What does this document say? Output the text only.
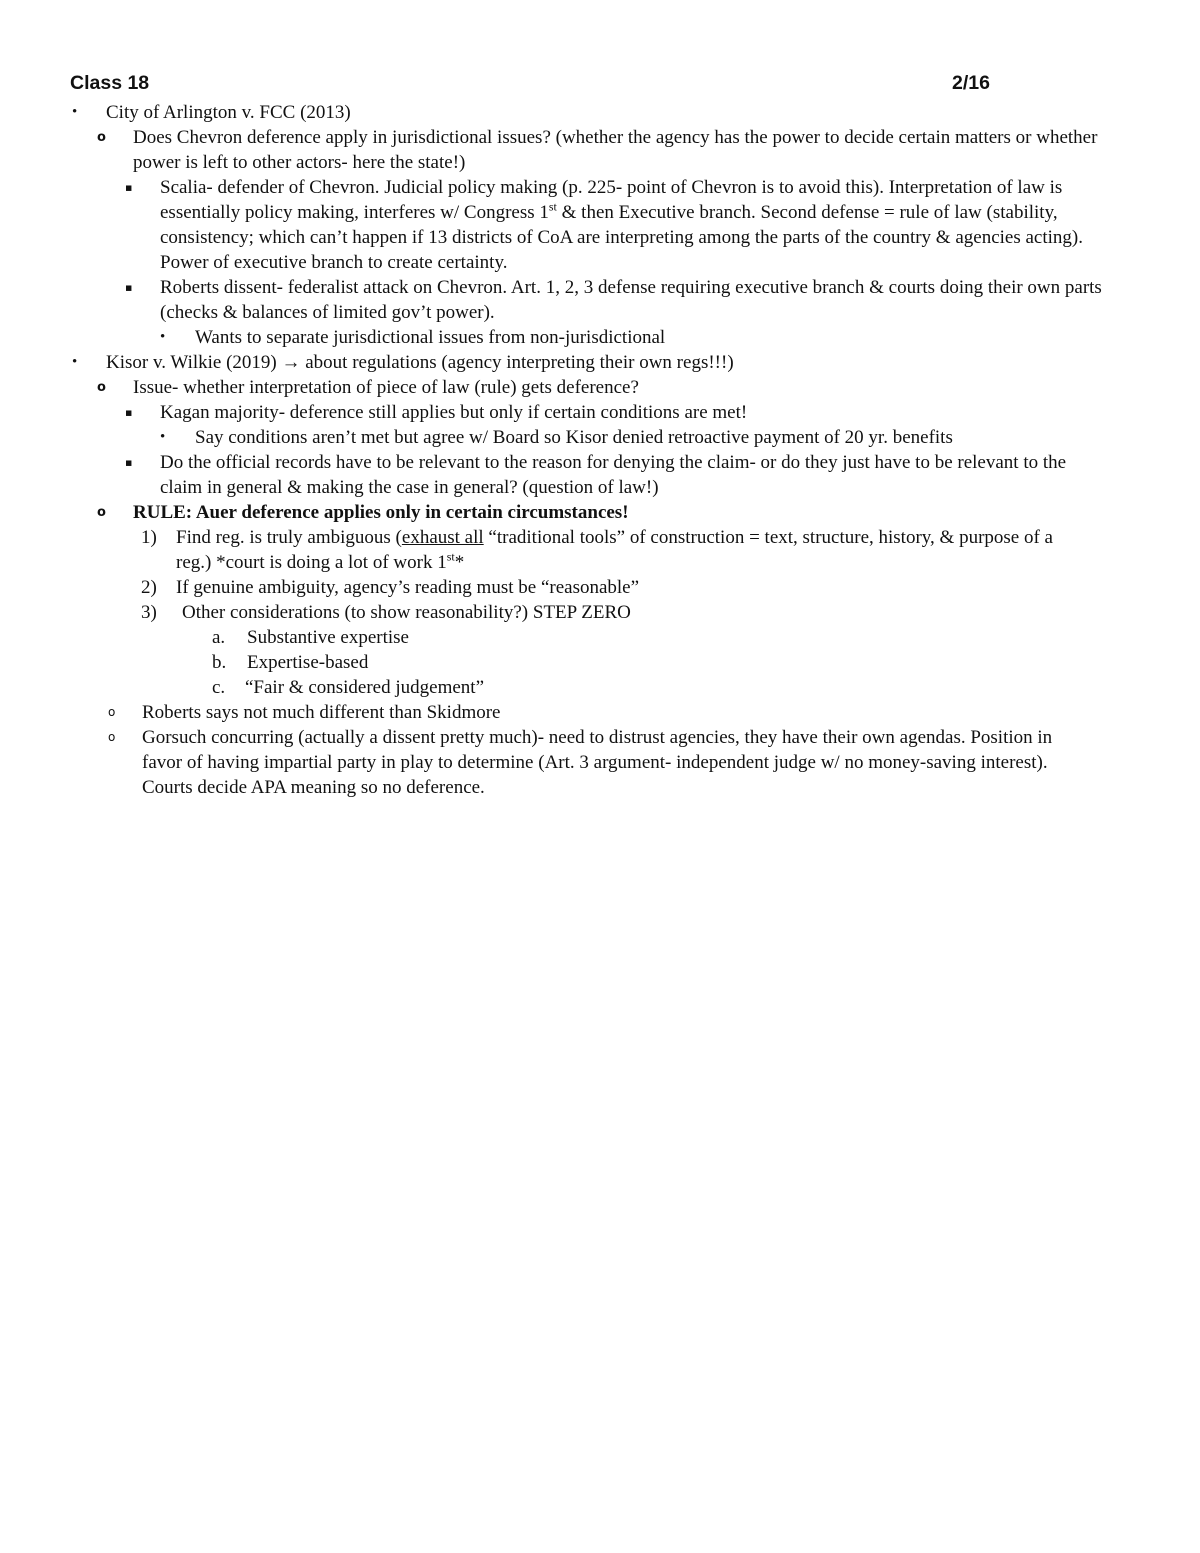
Class 18	2/16
• City of Arlington v. FCC (2013)
o Does Chevron deference apply in jurisdictional issues? (whether the agency has the power to decide certain matters or whether power is left to other actors- here the state!)
▪ Scalia- defender of Chevron. Judicial policy making (p. 225- point of Chevron is to avoid this). Interpretation of law is essentially policy making, interferes w/ Congress 1st & then Executive branch. Second defense = rule of law (stability, consistency; which can’t happen if 13 districts of CoA are interpreting among the parts of the country & agencies acting). Power of executive branch to create certainty.
▪ Roberts dissent- federalist attack on Chevron. Art. 1, 2, 3 defense requiring executive branch & courts doing their own parts (checks & balances of limited gov’t power).
• Wants to separate jurisdictional issues from non-jurisdictional
• Kisor v. Wilkie (2019) → about regulations (agency interpreting their own regs!!!)
o Issue- whether interpretation of piece of law (rule) gets deference?
▪ Kagan majority- deference still applies but only if certain conditions are met!
• Say conditions aren’t met but agree w/ Board so Kisor denied retroactive payment of 20 yr. benefits
▪ Do the official records have to be relevant to the reason for denying the claim- or do they just have to be relevant to the claim in general & making the case in general? (question of law!)
o RULE: Auer deference applies only in certain circumstances!
1) Find reg. is truly ambiguous (exhaust all “traditional tools” of construction = text, structure, history, & purpose of a reg.) *court is doing a lot of work 1st*
2) If genuine ambiguity, agency’s reading must be “reasonable”
3) Other considerations (to show reasonability?) STEP ZERO
a. Substantive expertise
b. Expertise-based
c. “Fair & considered judgement”
o Roberts says not much different than Skidmore
o Gorsuch concurring (actually a dissent pretty much)- need to distrust agencies, they have their own agendas. Position in favor of having impartial party in play to determine (Art. 3 argument- independent judge w/ no money-saving interest). Courts decide APA meaning so no deference.
